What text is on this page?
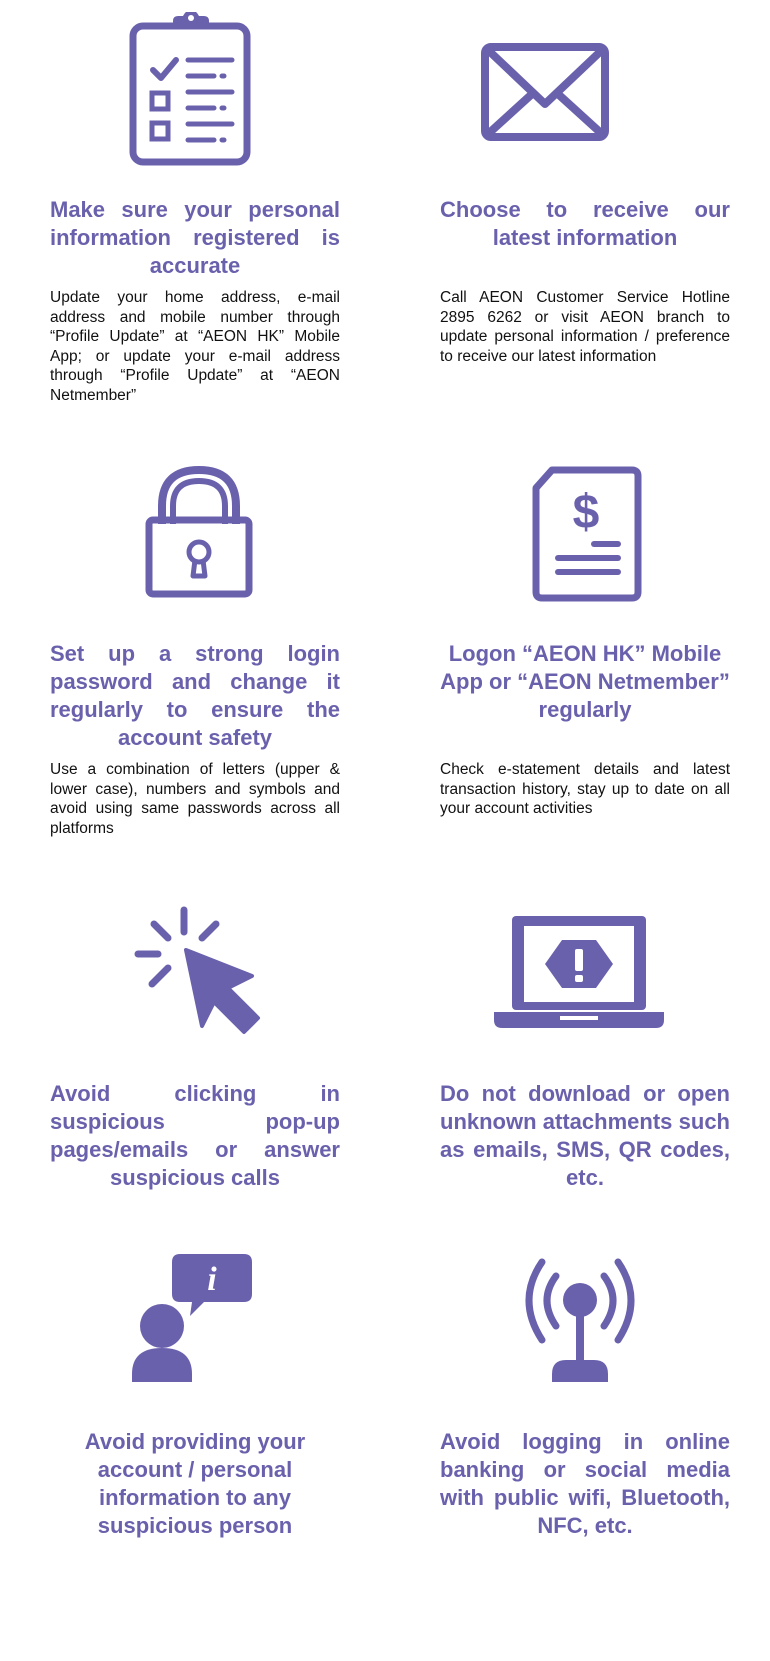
Make sure your personal information registered is accurate
Update your home address, e-mail address and mobile number through “Profile Update” at “AEON HK” Mobile App; or update your e-mail address through “Profile Update” at “AEON Netmember”
Choose to receive our latest information
Call AEON Customer Service Hotline 2895 6262 or visit AEON branch to update personal information / preference to receive our latest information
Set up a strong login password and change it regularly to ensure the account safety
Use a combination of letters (upper & lower case), numbers and symbols and avoid using same passwords across all platforms
$
Logon “AEON HK” Mobile App or “AEON Netmember” regularly
Check e-statement details and latest transaction history, stay up to date on all your account activities
Avoid clicking in suspicious pop-up pages/emails or answer suspicious calls
Do not download or open unknown attachments such as emails, SMS, QR codes, etc.
i
Avoid providing your account / personal information to any suspicious person
Avoid logging in online banking or social media with public wifi, Bluetooth, NFC, etc.
